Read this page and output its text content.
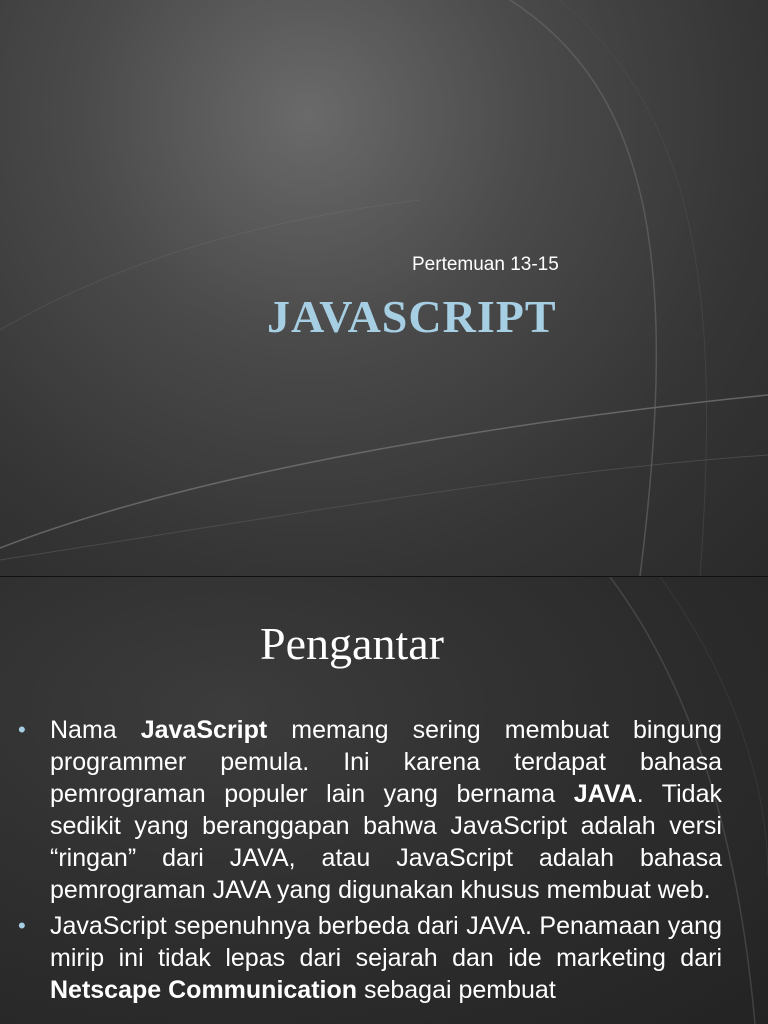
Pertemuan 13-15
JAVASCRIPT
Pengantar
• Nama JavaScript memang sering membuat bingung programmer pemula. Ini karena terdapat bahasa pemrograman populer lain yang bernama JAVA. Tidak sedikit yang beranggapan bahwa JavaScript adalah versi “ringan” dari JAVA, atau JavaScript adalah bahasa pemrograman JAVA yang digunakan khusus membuat web.
• JavaScript sepenuhnya berbeda dari JAVA. Penamaan yang mirip ini tidak lepas dari sejarah dan ide marketing dari Netscape Communication sebagai pembuat
